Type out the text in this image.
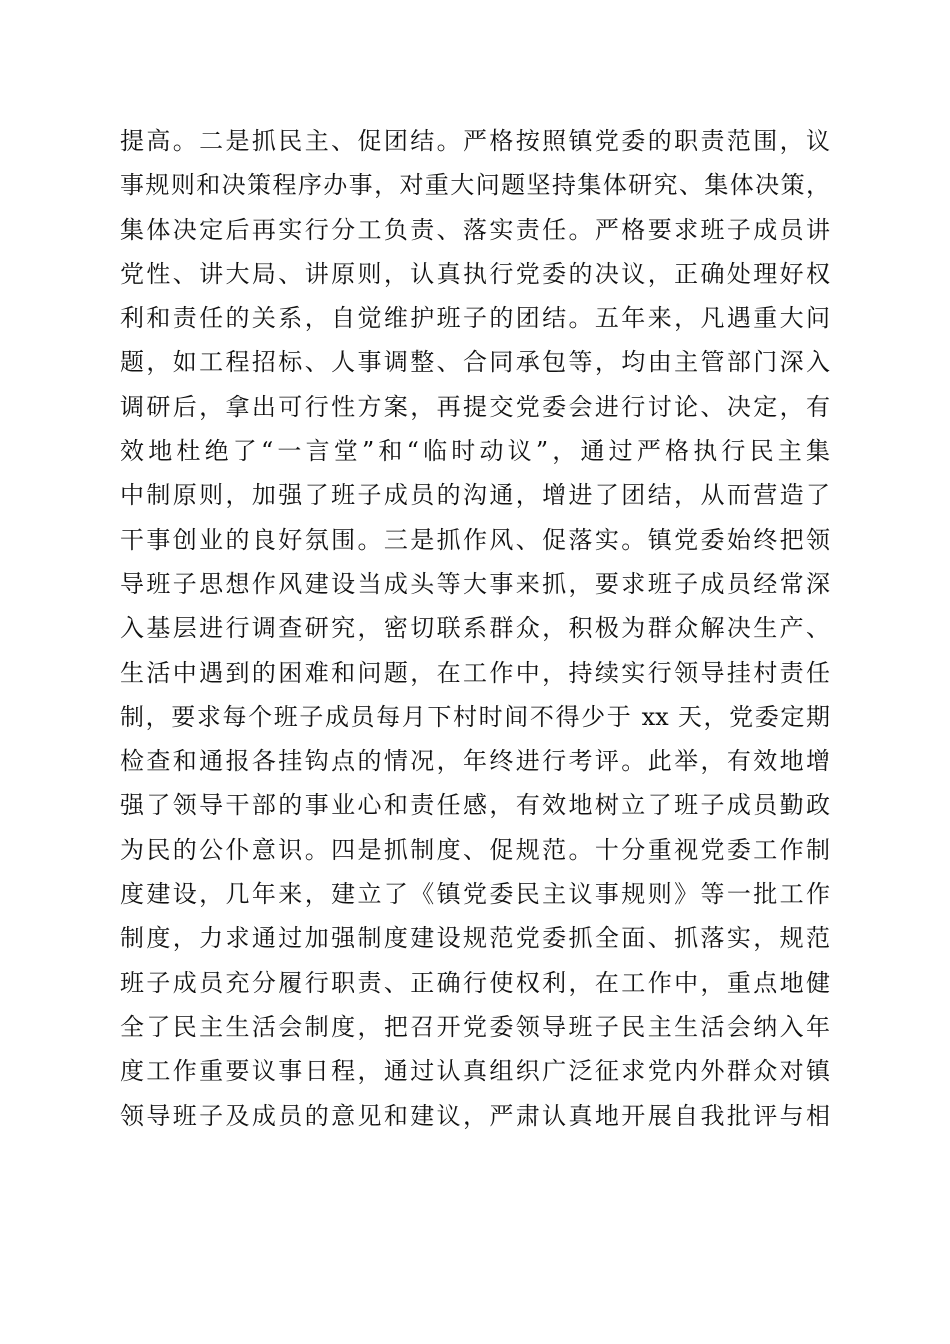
提高。二是抓民主、促团结。严格按照镇党委的职责范围，议
事规则和决策程序办事，对重大问题坚持集体研究、集体决策，
集体决定后再实行分工负责、落实责任。严格要求班子成员讲
党性、讲大局、讲原则，认真执行党委的决议，正确处理好权
利和责任的关系，自觉维护班子的团结。五年来，凡遇重大问
题，如工程招标、人事调整、合同承包等，均由主管部门深入
调研后，拿出可行性方案，再提交党委会进行讨论、决定，有
效地杜绝了“一言堂”和“临时动议”，通过严格执行民主集
中制原则，加强了班子成员的沟通，增进了团结，从而营造了
干事创业的良好氛围。三是抓作风、促落实。镇党委始终把领
导班子思想作风建设当成头等大事来抓，要求班子成员经常深
入基层进行调查研究，密切联系群众，积极为群众解决生产、
生活中遇到的困难和问题，在工作中，持续实行领导挂村责任
制，要求每个班子成员每月下村时间不得少于 xx 天，党委定期
检查和通报各挂钩点的情况，年终进行考评。此举，有效地增
强了领导干部的事业心和责任感，有效地树立了班子成员勤政
为民的公仆意识。四是抓制度、促规范。十分重视党委工作制
度建设，几年来，建立了《镇党委民主议事规则》等一批工作
制度，力求通过加强制度建设规范党委抓全面、抓落实，规范
班子成员充分履行职责、正确行使权利，在工作中，重点地健
全了民主生活会制度，把召开党委领导班子民主生活会纳入年
度工作重要议事日程，通过认真组织广泛征求党内外群众对镇
领导班子及成员的意见和建议，严肃认真地开展自我批评与相
